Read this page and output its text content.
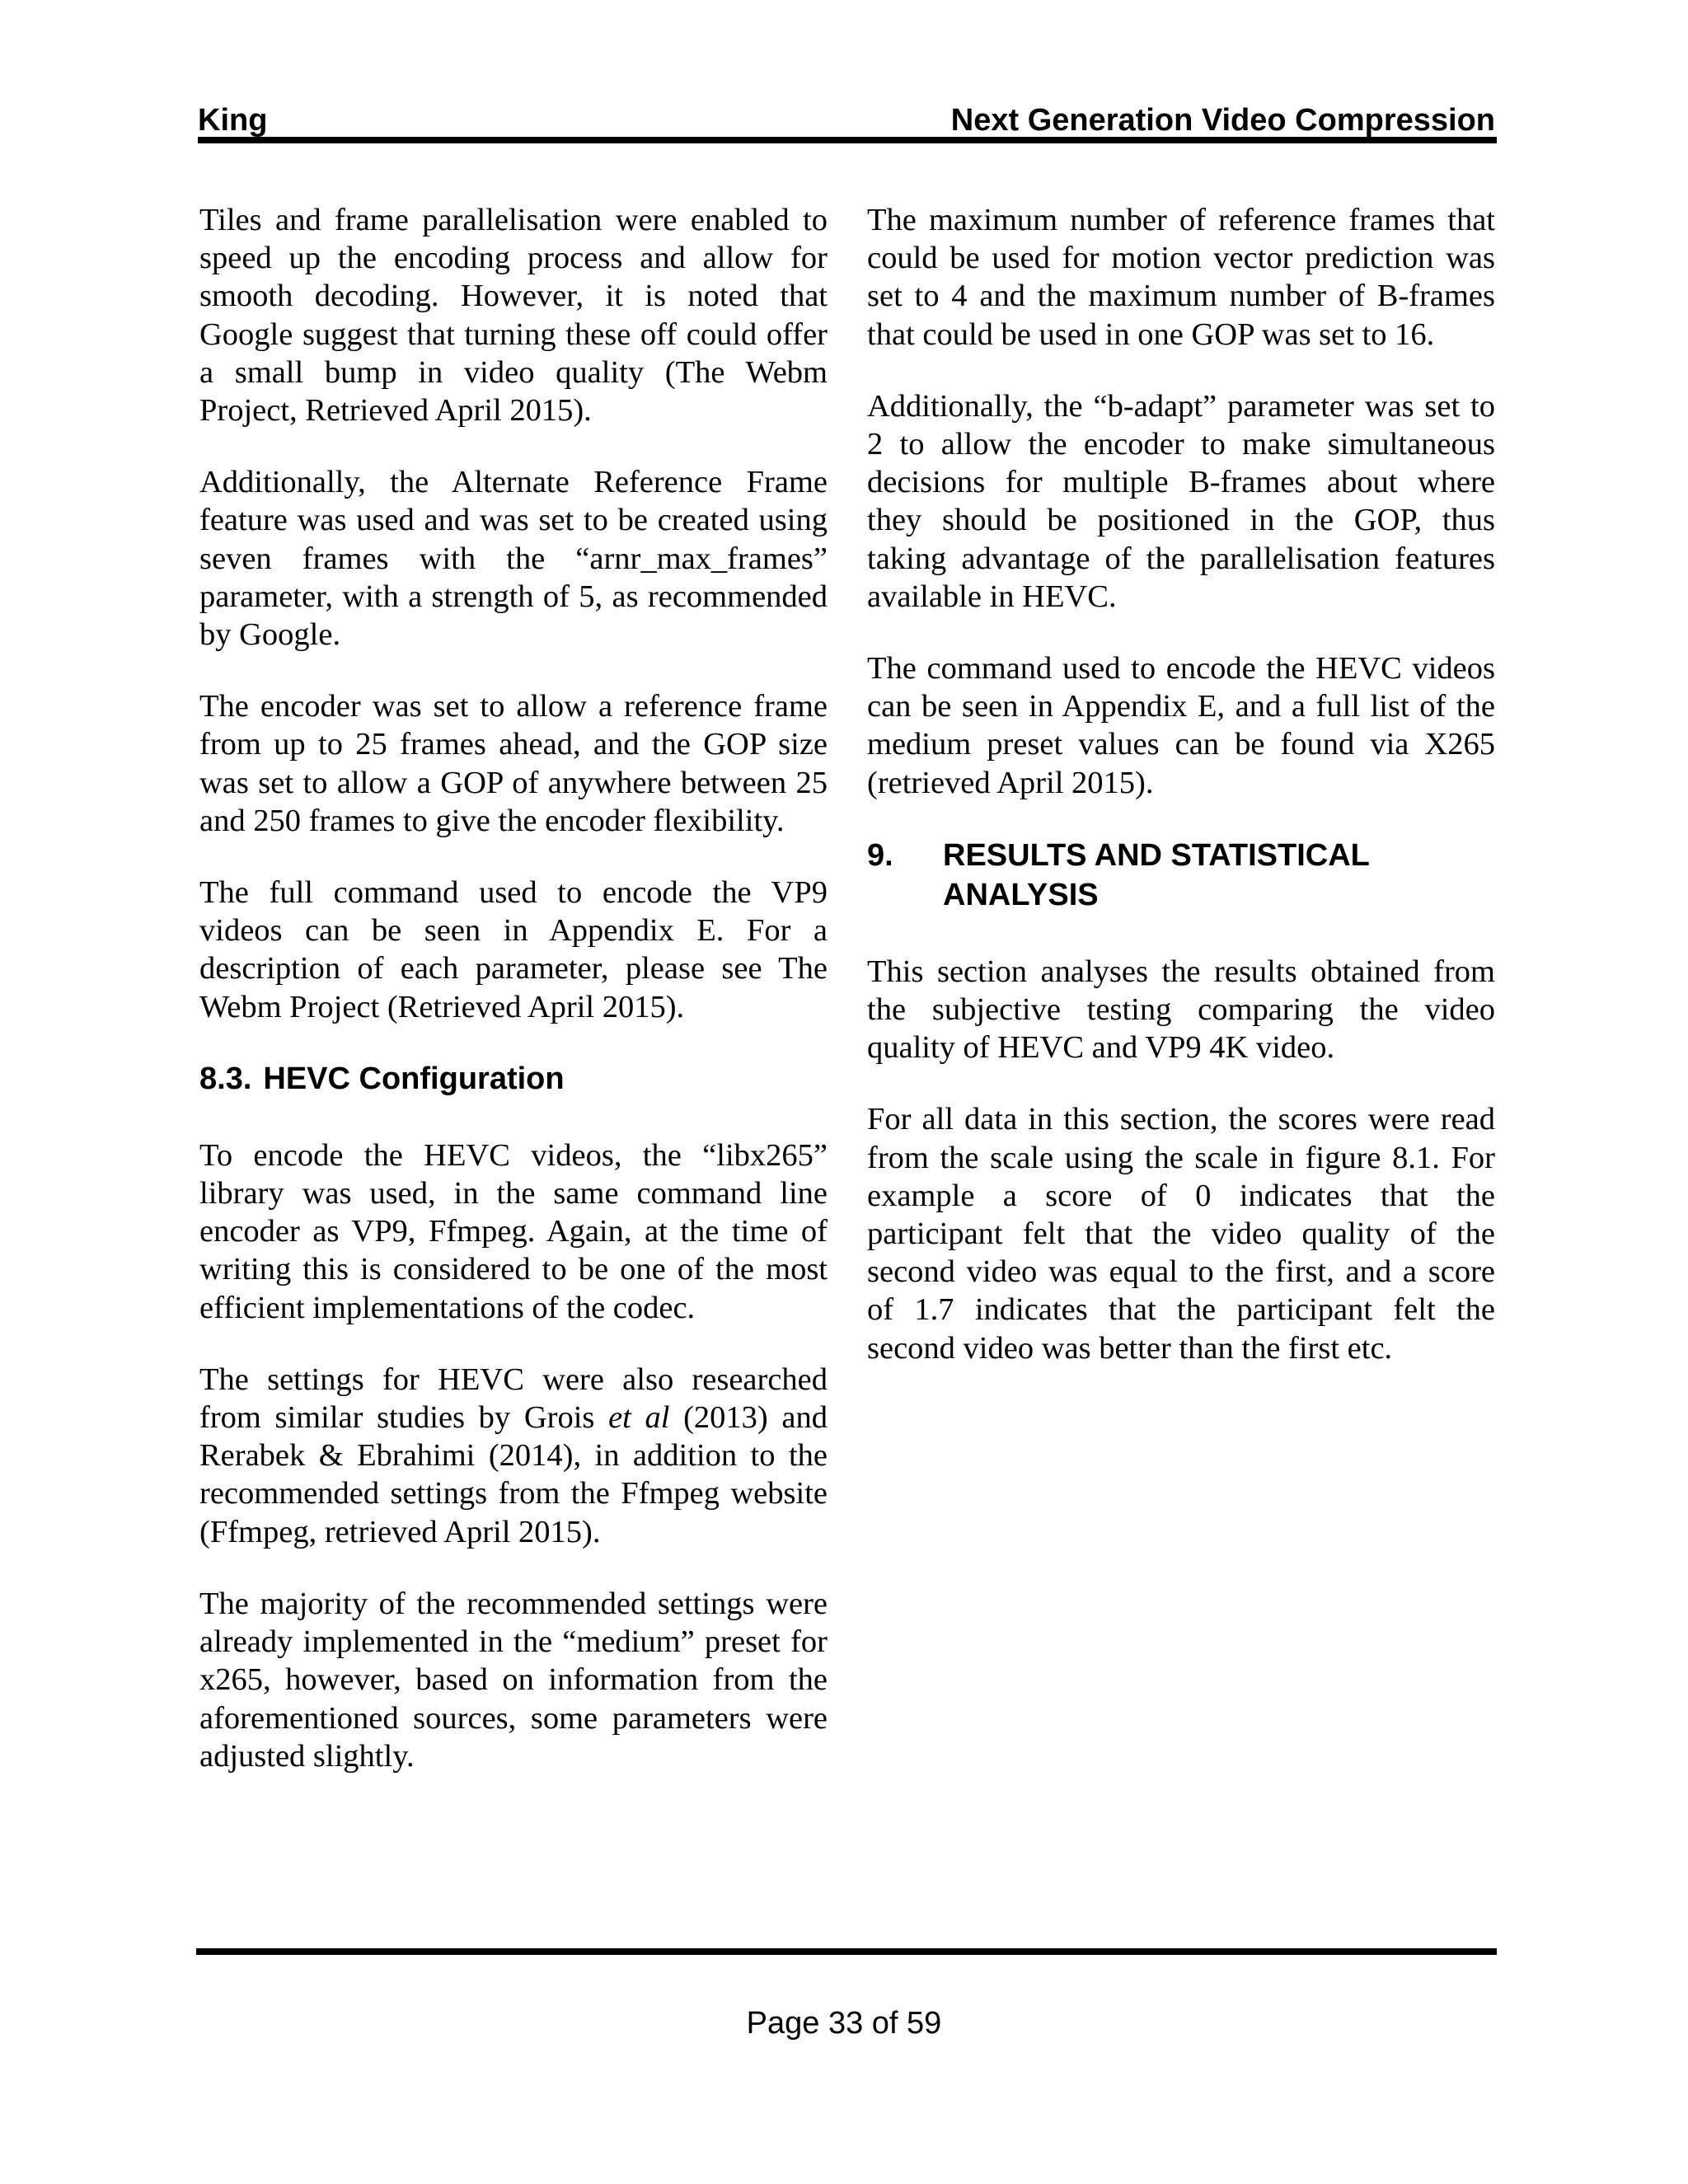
King	Next Generation Video Compression

Tiles and frame parallelisation were enabled to speed up the encoding process and allow for smooth decoding. However, it is noted that Google suggest that turning these off could offer a small bump in video quality (The Webm Project, Retrieved April 2015).

Additionally, the Alternate Reference Frame feature was used and was set to be created using seven frames with the “arnr_max_frames” parameter, with a strength of 5, as recommended by Google.

The encoder was set to allow a reference frame from up to 25 frames ahead, and the GOP size was set to allow a GOP of anywhere between 25 and 250 frames to give the encoder flexibility.

The full command used to encode the VP9 videos can be seen in Appendix E. For a description of each parameter, please see The Webm Project (Retrieved April 2015).

8.3. HEVC Configuration

To encode the HEVC videos, the “libx265” library was used, in the same command line encoder as VP9, Ffmpeg. Again, at the time of writing this is considered to be one of the most efficient implementations of the codec.

The settings for HEVC were also researched from similar studies by Grois et al (2013) and Rerabek & Ebrahimi (2014), in addition to the recommended settings from the Ffmpeg website (Ffmpeg, retrieved April 2015).

The majority of the recommended settings were already implemented in the “medium” preset for x265, however, based on information from the aforementioned sources, some parameters were adjusted slightly.

The maximum number of reference frames that could be used for motion vector prediction was set to 4 and the maximum number of B-frames that could be used in one GOP was set to 16.

Additionally, the “b-adapt” parameter was set to 2 to allow the encoder to make simultaneous decisions for multiple B-frames about where they should be positioned in the GOP, thus taking advantage of the parallelisation features available in HEVC.

The command used to encode the HEVC videos can be seen in Appendix E, and a full list of the medium preset values can be found via X265 (retrieved April 2015).

9.	RESULTS AND STATISTICAL ANALYSIS

This section analyses the results obtained from the subjective testing comparing the video quality of HEVC and VP9 4K video.

For all data in this section, the scores were read from the scale using the scale in figure 8.1. For example a score of 0 indicates that the participant felt that the video quality of the second video was equal to the first, and a score of 1.7 indicates that the participant felt the second video was better than the first etc.

Page 33 of 59
